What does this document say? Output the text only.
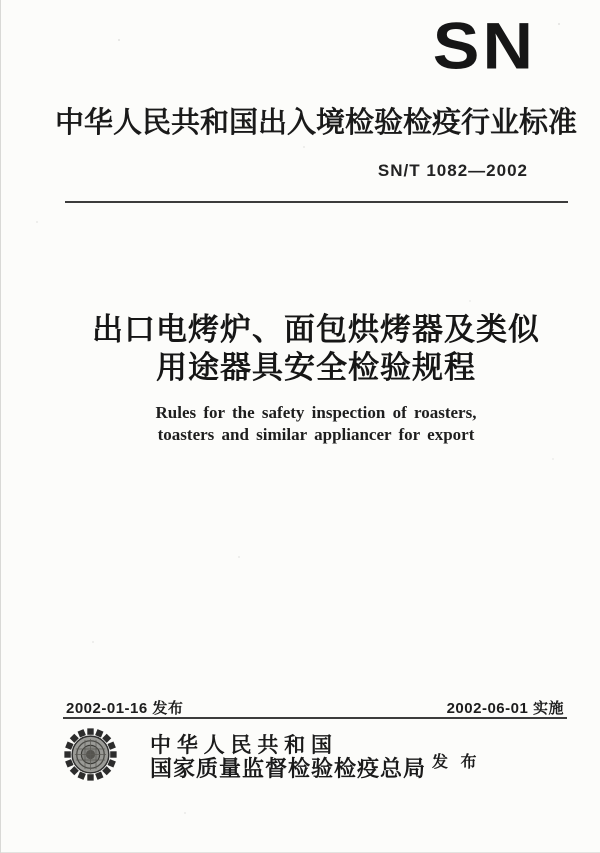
SN
中华人民共和国出入境检验检疫行业标准
SN/T 1082—2002
出口电烤炉、面包烘烤器及类似
用途器具安全检验规程
Rules for the safety inspection of roasters,
toasters and similar appliancer for export
2002-01-16 发布	2002-06-01 实施
中 华 人 民 共 和 国
国家质量监督检验检疫总局 发 布
